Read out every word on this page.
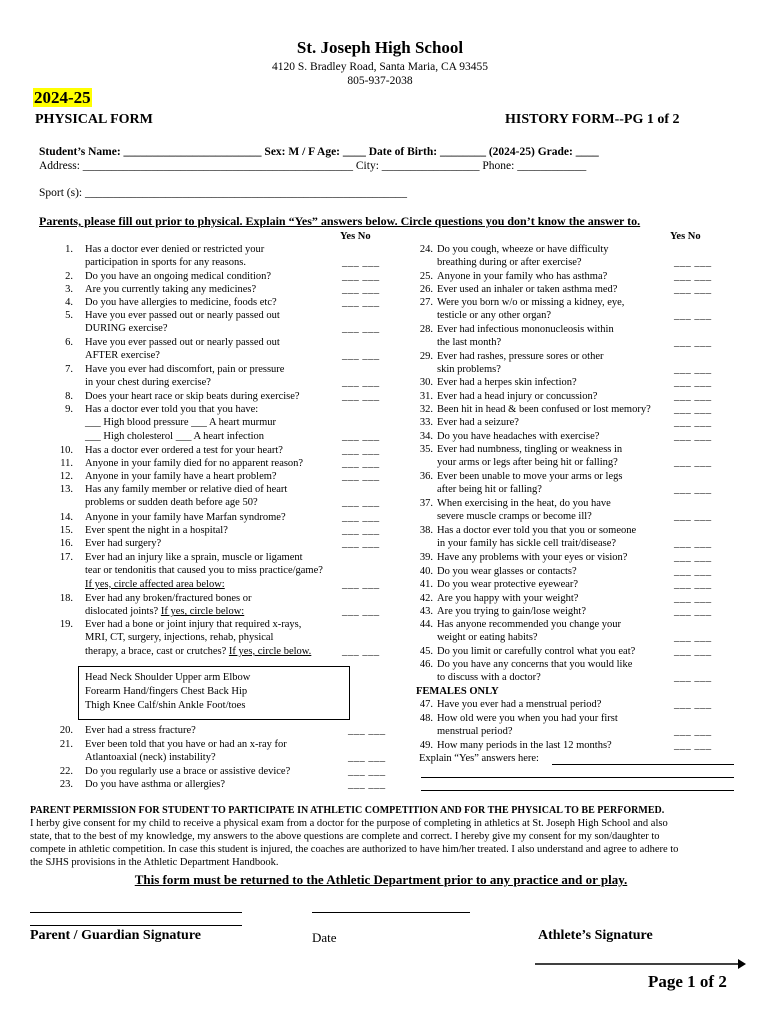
St. Joseph High School
4120 S. Bradley Road, Santa Maria, CA 93455
805-937-2038
2024-25
PHYSICAL FORM	HISTORY FORM--PG 1 of 2
Student’s Name: ________________________ Sex: M / F Age: ____ Date of Birth: ________ (2024-25) Grade: ____
Address: _______________________________________________ City: _________________ Phone: ____________
Sport (s): ________________________________________________________
Parents, please fill out prior to physical. Explain “Yes” answers below. Circle questions you don’t know the answer to.
Yes No	Yes No
1. Has a doctor ever denied or restricted your
participation in sports for any reasons.	___ ___
2. Do you have an ongoing medical condition?	___ ___
3. Are you currently taking any medicines?	___ ___
4. Do you have allergies to medicine, foods etc?	___ ___
5. Have you ever passed out or nearly passed out
DURING exercise?	___ ___
6. Have you ever passed out or nearly passed out
AFTER exercise?	___ ___
7. Have you ever had discomfort, pain or pressure
in your chest during exercise?	___ ___
8. Does your heart race or skip beats during exercise?	___ ___
9. Has a doctor ever told you that you have:
___ High blood pressure ___ A heart murmur
___ High cholesterol ___ A heart infection	___ ___
10. Has a doctor ever ordered a test for your heart?	___ ___
11. Anyone in your family died for no apparent reason?	___ ___
12. Anyone in your family have a heart problem?	___ ___
13. Has any family member or relative died of heart
problems or sudden death before age 50?	___ ___
14. Anyone in your family have Marfan syndrome?	___ ___
15. Ever spent the night in a hospital?	___ ___
16. Ever had surgery?	___ ___
17. Ever had an injury like a sprain, muscle or ligament
tear or tendonitis that caused you to miss practice/game?
If yes, circle affected area below:	___ ___
18. Ever had any broken/fractured bones or
dislocated joints? If yes, circle below:	___ ___
19. Ever had a bone or joint injury that required x-rays,
MRI, CT, surgery, injections, rehab, physical
therapy, a brace, cast or crutches? If yes, circle below.	___ ___
Head Neck Shoulder Upper arm Elbow
Forearm Hand/fingers Chest Back Hip
Thigh Knee Calf/shin Ankle Foot/toes
20. Ever had a stress fracture?	___ ___
21. Ever been told that you have or had an x-ray for
Atlantoaxial (neck) instability?	___ ___
22. Do you regularly use a brace or assistive device?	___ ___
23. Do you have asthma or allergies?	___ ___
24. Do you cough, wheeze or have difficulty
breathing during or after exercise?	___ ___
25. Anyone in your family who has asthma?	___ ___
26. Ever used an inhaler or taken asthma med?	___ ___
27. Were you born w/o or missing a kidney, eye,
testicle or any other organ?	___ ___
28. Ever had infectious mononucleosis within
the last month?	___ ___
29. Ever had rashes, pressure sores or other
skin problems?	___ ___
30. Ever had a herpes skin infection?	___ ___
31. Ever had a head injury or concussion?	___ ___
32. Been hit in head & been confused or lost memory? ___ ___
33. Ever had a seizure?	___ ___
34. Do you have headaches with exercise?	___ ___
35. Ever had numbness, tingling or weakness in
your arms or legs after being hit or falling?	___ ___
36. Ever been unable to move your arms or legs
after being hit or falling?	___ ___
37. When exercising in the heat, do you have
severe muscle cramps or become ill?	___ ___
38. Has a doctor ever told you that you or someone
in your family has sickle cell trait/disease?	___ ___
39. Have any problems with your eyes or vision?	___ ___
40. Do you wear glasses or contacts?	___ ___
41. Do you wear protective eyewear?	___ ___
42. Are you happy with your weight?	___ ___
43. Are you trying to gain/lose weight?	___ ___
44. Has anyone recommended you change your
weight or eating habits?	___ ___
45. Do you limit or carefully control what you eat?	___ ___
46. Do you have any concerns that you would like
to discuss with a doctor?	___ ___
FEMALES ONLY
47. Have you ever had a menstrual period?	___ ___
48. How old were you when you had your first
menstrual period?	___ ___
49. How many periods in the last 12 months?	___ ___
Explain “Yes” answers here:
PARENT PERMISSION FOR STUDENT TO PARTICIPATE IN ATHLETIC COMPETITION AND FOR THE PHYSICAL TO BE PERFORMED.
I herby give consent for my child to receive a physical exam from a doctor for the purpose of completing in athletics at St. Joseph High School and also
state, that to the best of my knowledge, my answers to the above questions are complete and correct. I hereby give my consent for my son/daughter to
compete in athletic competition. In case this student is injured, the coaches are authorized to have him/her treated. I also understand and agree to adhere to
the SJHS provisions in the Athletic Department Handbook.
This form must be returned to the Athletic Department prior to any practice and or play.
Parent / Guardian Signature	Date	Athlete’s Signature
Page 1 of 2
